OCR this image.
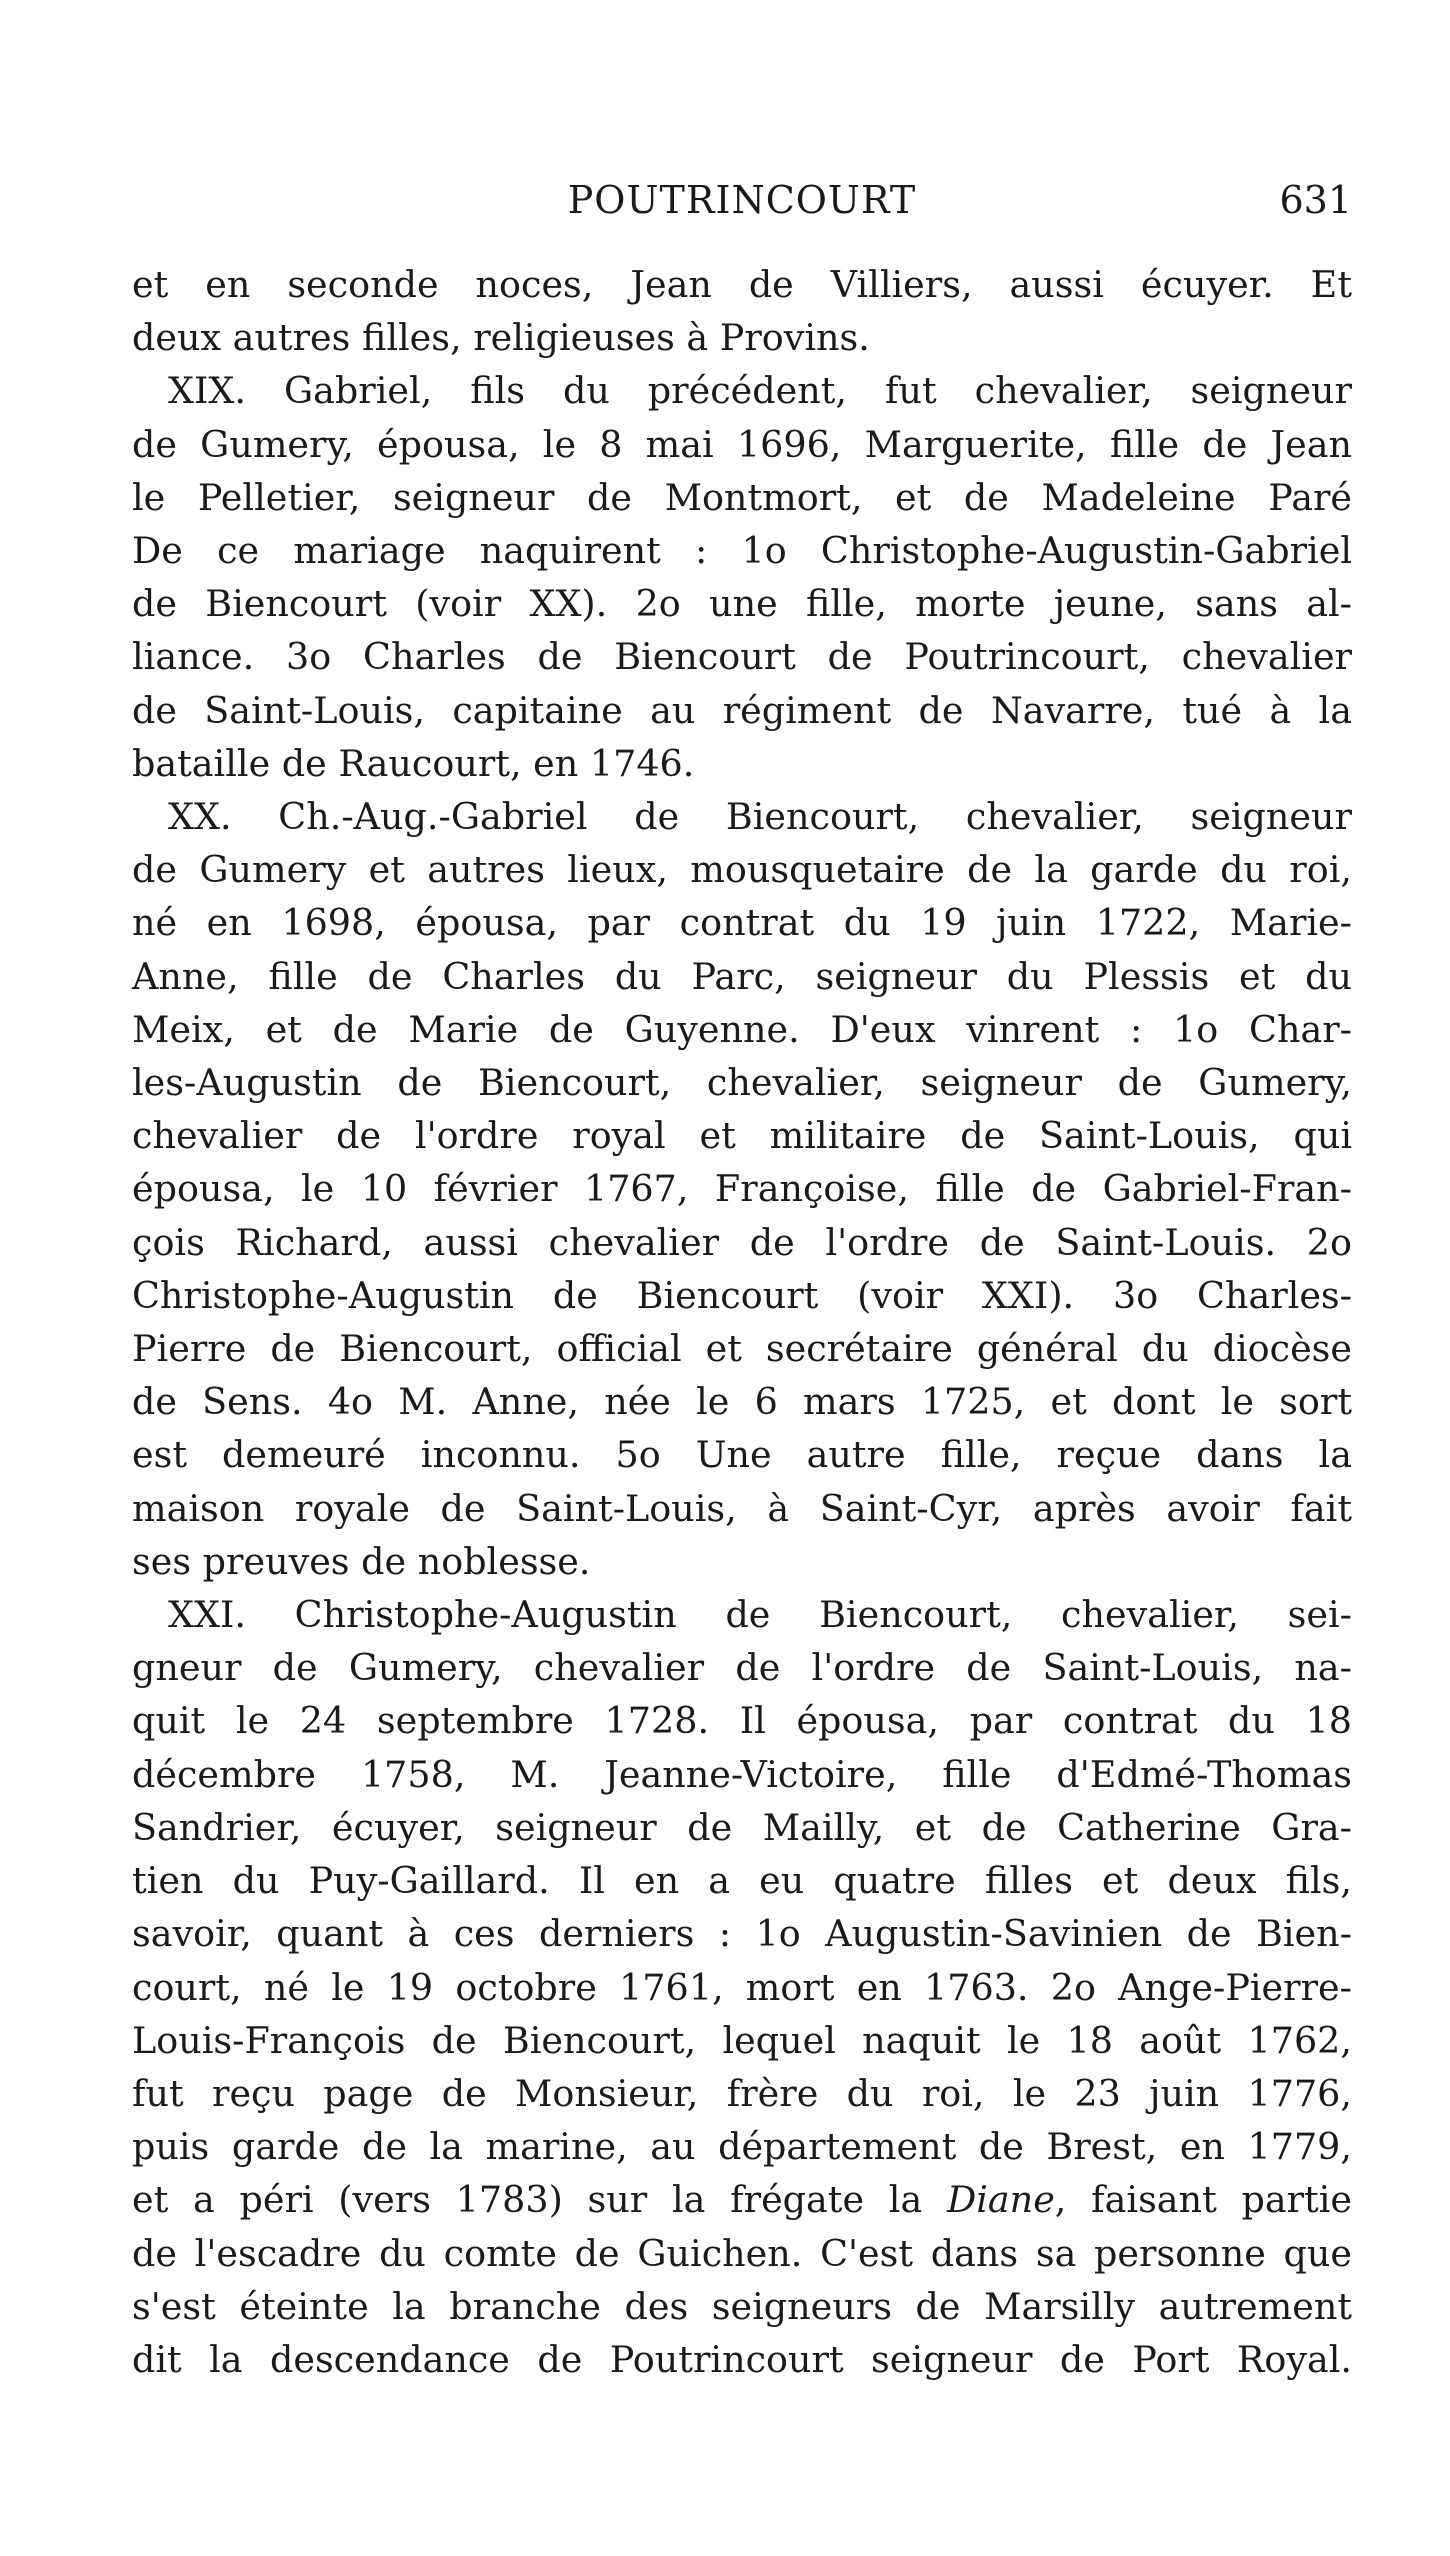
POUTRINCOURT	631
et en seconde noces, Jean de Villiers, aussi écuyer. Et
deux autres filles, religieuses à Provins.
XIX. Gabriel, fils du précédent, fut chevalier, seigneur
de Gumery, épousa, le 8 mai 1696, Marguerite, fille de Jean
le Pelletier, seigneur de Montmort, et de Madeleine Paré
De ce mariage naquirent : 1o Christophe-Augustin-Gabriel
de Biencourt (voir XX). 2o une fille, morte jeune, sans al-
liance. 3o Charles de Biencourt de Poutrincourt, chevalier
de Saint-Louis, capitaine au régiment de Navarre, tué à la
bataille de Raucourt, en 1746.
XX. Ch.-Aug.-Gabriel de Biencourt, chevalier, seigneur
de Gumery et autres lieux, mousquetaire de la garde du roi,
né en 1698, épousa, par contrat du 19 juin 1722, Marie-
Anne, fille de Charles du Parc, seigneur du Plessis et du
Meix, et de Marie de Guyenne. D'eux vinrent : 1o Char-
les-Augustin de Biencourt, chevalier, seigneur de Gumery,
chevalier de l'ordre royal et militaire de Saint-Louis, qui
épousa, le 10 février 1767, Françoise, fille de Gabriel-Fran-
çois Richard, aussi chevalier de l'ordre de Saint-Louis. 2o
Christophe-Augustin de Biencourt (voir XXI). 3o Charles-
Pierre de Biencourt, official et secrétaire général du diocèse
de Sens. 4o M. Anne, née le 6 mars 1725, et dont le sort
est demeuré inconnu. 5o Une autre fille, reçue dans la
maison royale de Saint-Louis, à Saint-Cyr, après avoir fait
ses preuves de noblesse.
XXI. Christophe-Augustin de Biencourt, chevalier, sei-
gneur de Gumery, chevalier de l'ordre de Saint-Louis, na-
quit le 24 septembre 1728. Il épousa, par contrat du 18
décembre 1758, M. Jeanne-Victoire, fille d'Edmé-Thomas
Sandrier, écuyer, seigneur de Mailly, et de Catherine Gra-
tien du Puy-Gaillard. Il en a eu quatre filles et deux fils,
savoir, quant à ces derniers : 1o Augustin-Savinien de Bien-
court, né le 19 octobre 1761, mort en 1763. 2o Ange-Pierre-
Louis-François de Biencourt, lequel naquit le 18 août 1762,
fut reçu page de Monsieur, frère du roi, le 23 juin 1776,
puis garde de la marine, au département de Brest, en 1779,
et a péri (vers 1783) sur la frégate la Diane, faisant partie
de l'escadre du comte de Guichen. C'est dans sa personne que
s'est éteinte la branche des seigneurs de Marsilly autrement
dit la descendance de Poutrincourt seigneur de Port Royal.
